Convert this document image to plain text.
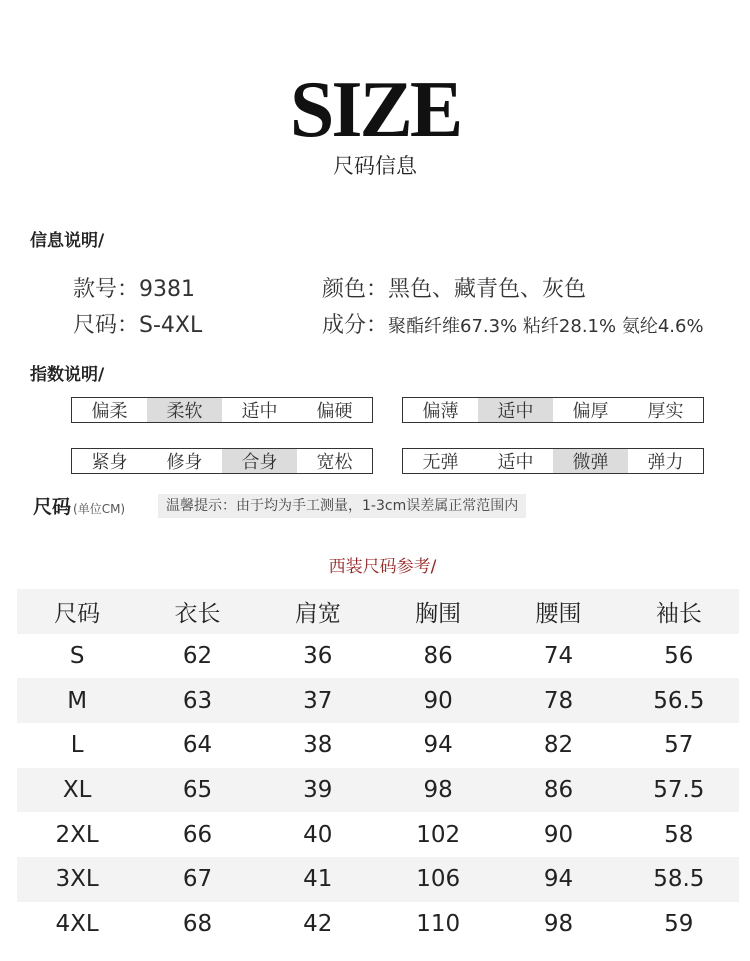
SIZE
尺码信息
信息说明/
款号：9381
尺码：S-4XL
颜色：黑色、藏青色、灰色
成分：聚酯纤维67.3% 粘纤28.1% 氨纶4.6%
指数说明/
偏柔	柔软	适中	偏硬	偏薄	适中	偏厚	厚实
紧身	修身	合身	宽松	无弹	适中	微弹	弹力
尺码 (单位CM)	温馨提示：由于均为手工测量，1-3cm误差属正常范围内
西装尺码参考/
尺码	衣长	肩宽	胸围	腰围	袖长
S	62	36	86	74	56
M	63	37	90	78	56.5
L	64	38	94	82	57
XL	65	39	98	86	57.5
2XL	66	40	102	90	58
3XL	67	41	106	94	58.5
4XL	68	42	110	98	59
